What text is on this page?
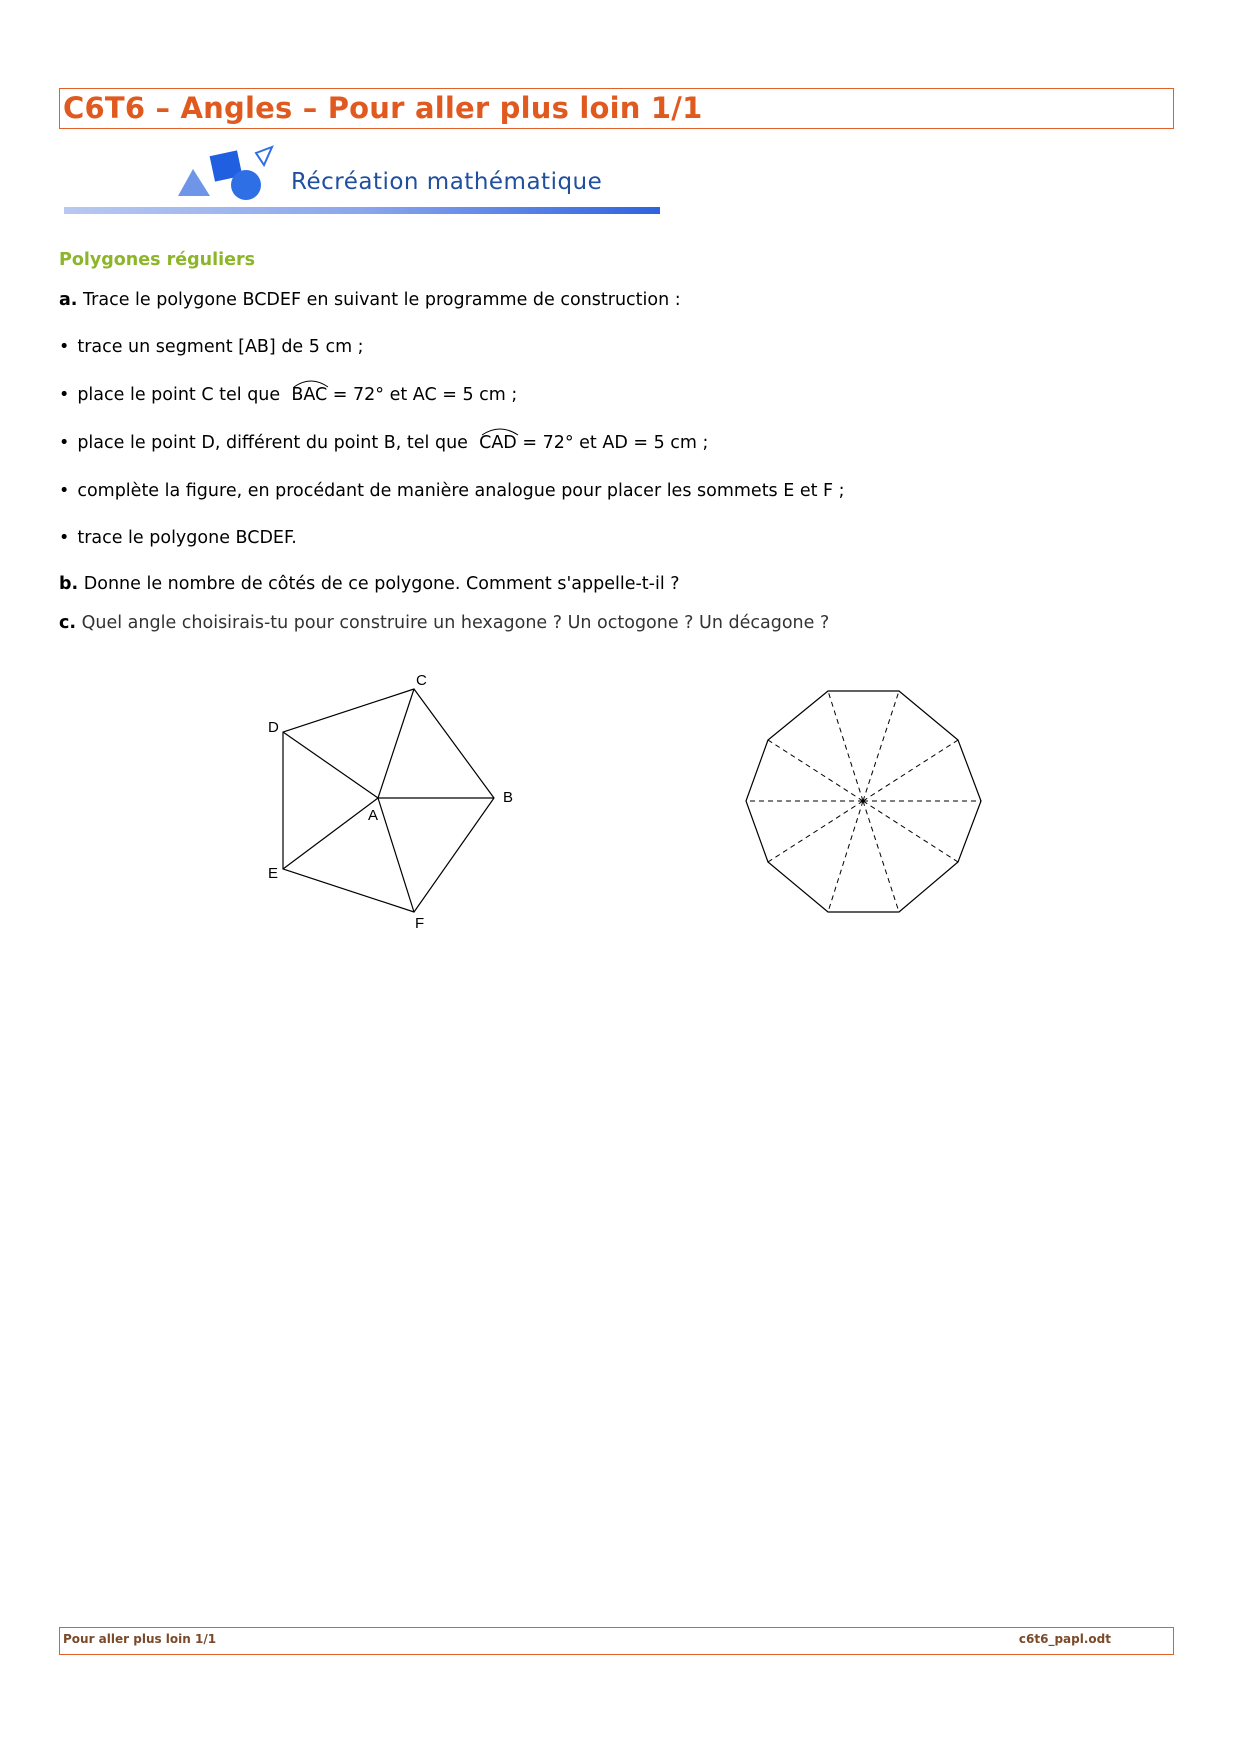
C6T6 – Angles – Pour aller plus loin 1/1
Récréation mathématique
Polygones réguliers
a. Trace le polygone BCDEF en suivant le programme de construction :
• trace un segment [AB] de 5 cm ;
• place le point C tel que BAC = 72° et AC = 5 cm ;
• place le point D, différent du point B, tel que CAD = 72° et AD = 5 cm ;
• complète la figure, en procédant de manière analogue pour placer les sommets E et F ;
• trace le polygone BCDEF.
b. Donne le nombre de côtés de ce polygone. Comment s'appelle-t-il ?
c. Quel angle choisirais-tu pour construire un hexagone ? Un octogone ? Un décagone ?
C
D
B
A
E
F
Pour aller plus loin 1/1	c6t6_papl.odt
